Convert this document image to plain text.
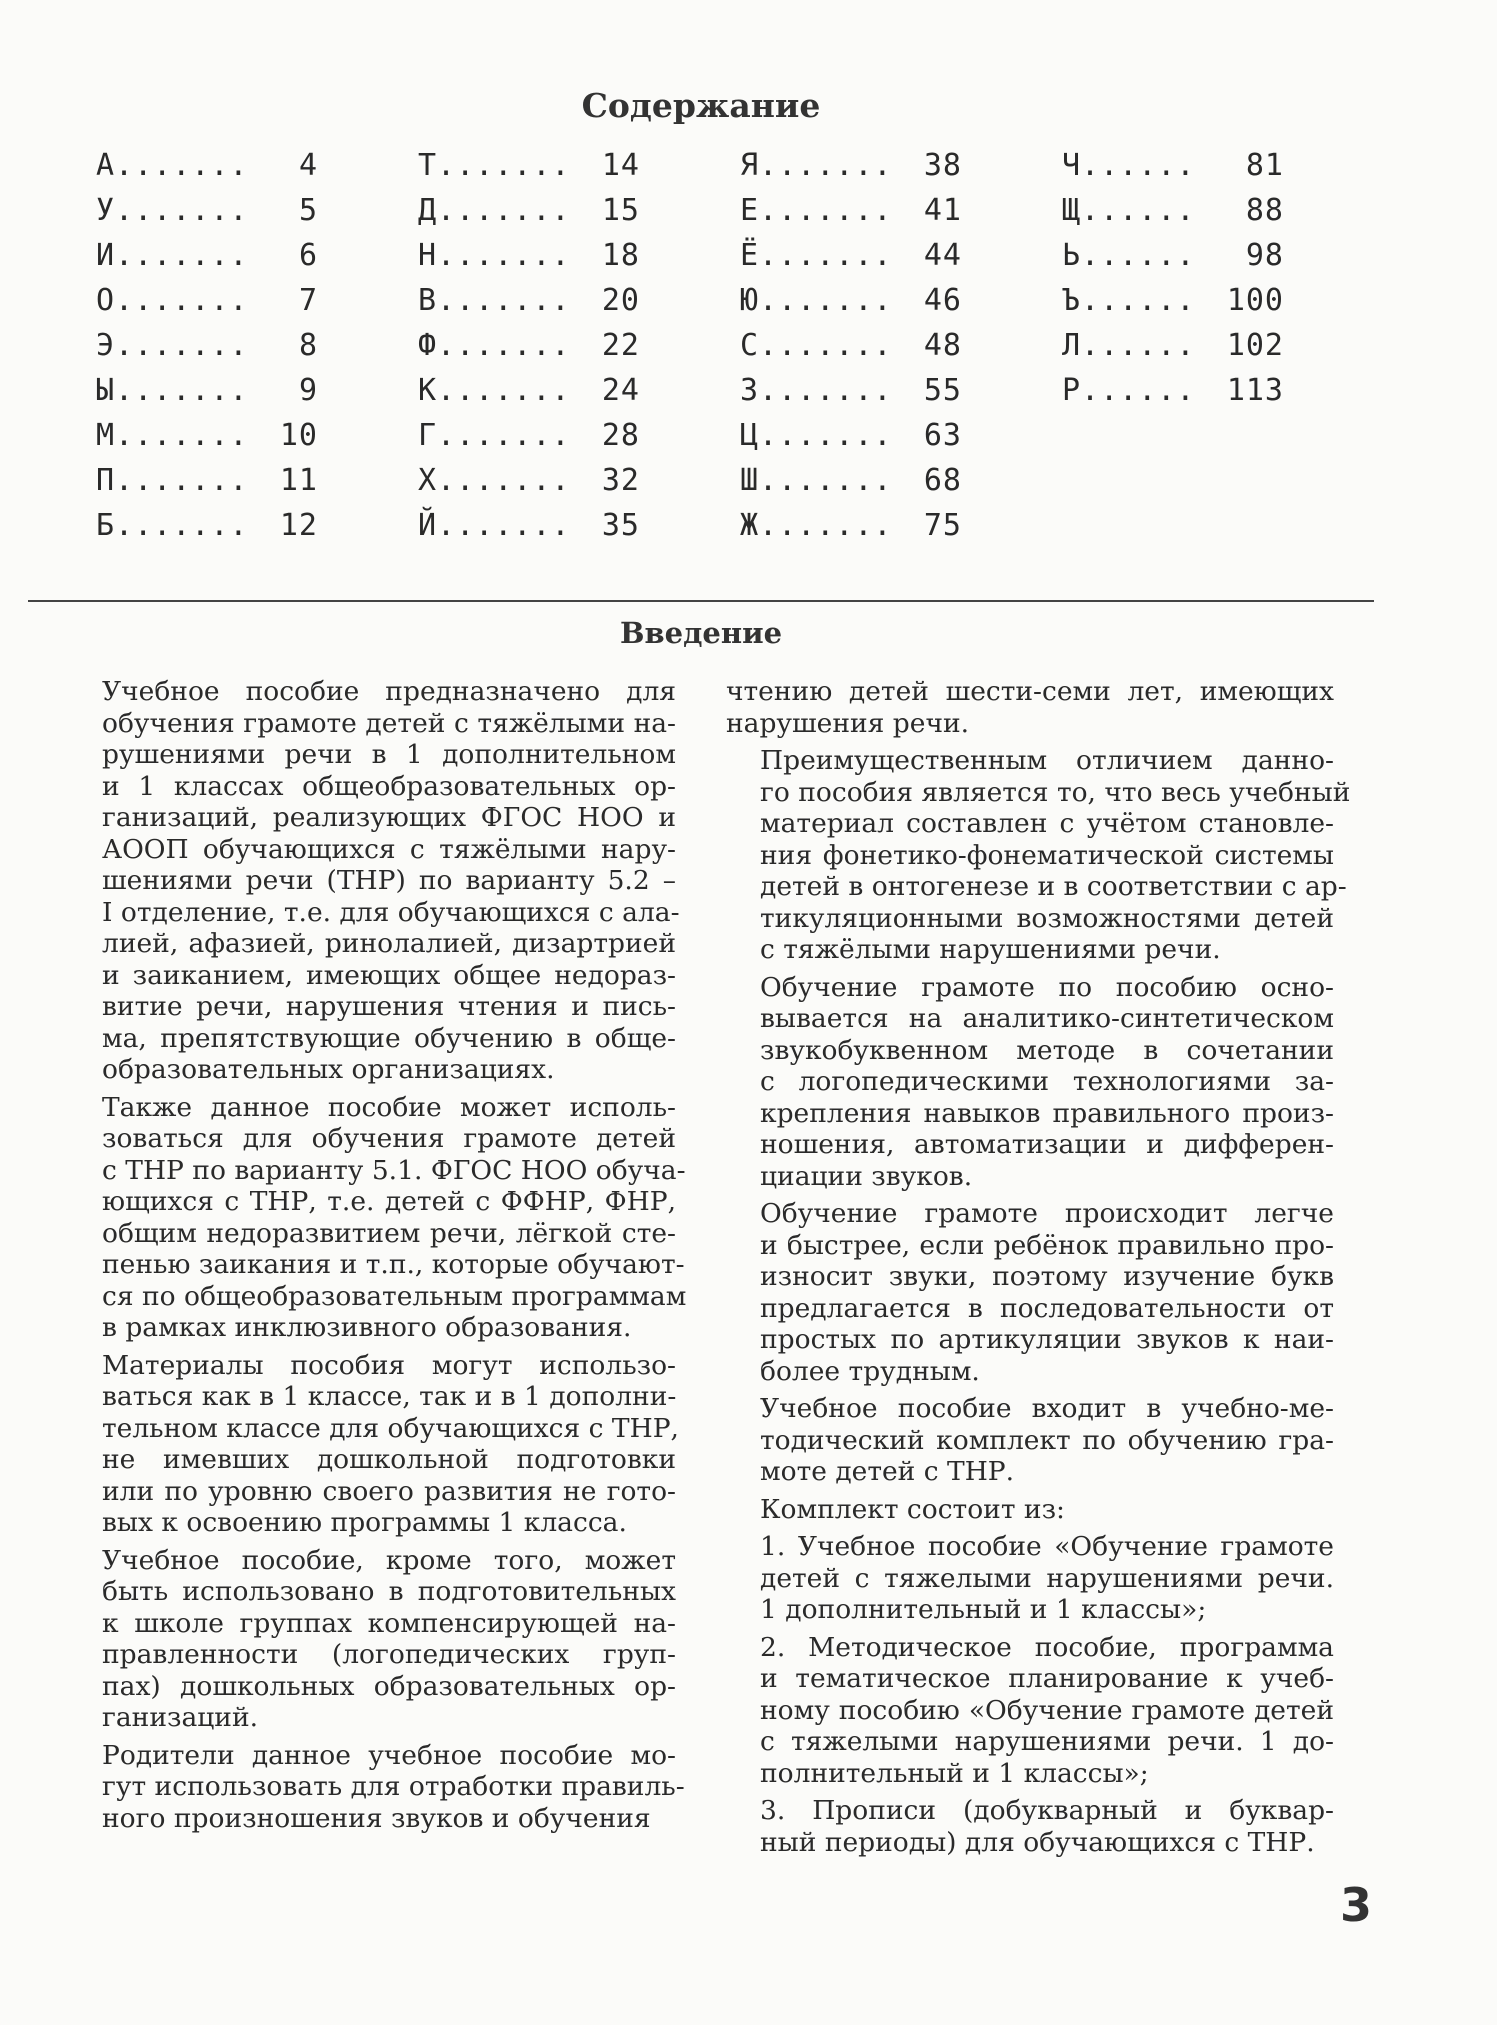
Содержание
А....... 4
У....... 5
И....... 6
О....... 7
Э....... 8
Ы....... 9
М....... 10
П....... 11
Б....... 12
Т....... 14
Д....... 15
Н....... 18
В....... 20
Ф....... 22
К....... 24
Г....... 28
Х....... 32
Й....... 35
Я....... 38
Е....... 41
Ё....... 44
Ю....... 46
С....... 48
З....... 55
Ц....... 63
Ш....... 68
Ж....... 75
Ч...... 81
Щ...... 88
Ь...... 98
Ъ...... 100
Л...... 102
Р...... 113
Введение
Учебное пособие предназначено для
обучения грамоте детей с тяжёлыми на-
рушениями речи в 1 дополнительном
и 1 классах общеобразовательных ор-
ганизаций, реализующих ФГОС НОО и
АООП обучающихся с тяжёлыми нару-
шениями речи (ТНР) по варианту 5.2 –
I отделение, т.е. для обучающихся с ала-
лией, афазией, ринолалией, дизартрией
и заиканием, имеющих общее недораз-
витие речи, нарушения чтения и пись-
ма, препятствующие обучению в обще-
образовательных организациях.
Также данное пособие может исполь-
зоваться для обучения грамоте детей
с ТНР по варианту 5.1. ФГОС НОО обуча-
ющихся с ТНР, т.е. детей с ФФНР, ФНР,
общим недоразвитием речи, лёгкой сте-
пенью заикания и т.п., которые обучают-
ся по общеобразовательным программам
в рамках инклюзивного образования.
Материалы пособия могут использо-
ваться как в 1 классе, так и в 1 дополни-
тельном классе для обучающихся с ТНР,
не имевших дошкольной подготовки
или по уровню своего развития не гото-
вых к освоению программы 1 класса.
Учебное пособие, кроме того, может
быть использовано в подготовительных
к школе группах компенсирующей на-
правленности (логопедических груп-
пах) дошкольных образовательных ор-
ганизаций.
Родители данное учебное пособие мо-
гут использовать для отработки правиль-
ного произношения звуков и обучения
чтению детей шести-семи лет, имеющих
нарушения речи.
Преимущественным отличием данно-
го пособия является то, что весь учебный
материал составлен с учётом становле-
ния фонетико-фонематической системы
детей в онтогенезе и в соответствии с ар-
тикуляционными возможностями детей
с тяжёлыми нарушениями речи.
Обучение грамоте по пособию осно-
вывается на аналитико-синтетическом
звукобуквенном методе в сочетании
с логопедическими технологиями за-
крепления навыков правильного произ-
ношения, автоматизации и дифферен-
циации звуков.
Обучение грамоте происходит легче
и быстрее, если ребёнок правильно про-
износит звуки, поэтому изучение букв
предлагается в последовательности от
простых по артикуляции звуков к наи-
более трудным.
Учебное пособие входит в учебно-ме-
тодический комплект по обучению гра-
моте детей с ТНР.
Комплект состоит из:
1. Учебное пособие «Обучение грамоте
детей с тяжелыми нарушениями речи.
1 дополнительный и 1 классы»;
2. Методическое пособие, программа
и тематическое планирование к учеб-
ному пособию «Обучение грамоте детей
с тяжелыми нарушениями речи. 1 до-
полнительный и 1 классы»;
3. Прописи (добукварный и буквар-
ный периоды) для обучающихся с ТНР.
3
